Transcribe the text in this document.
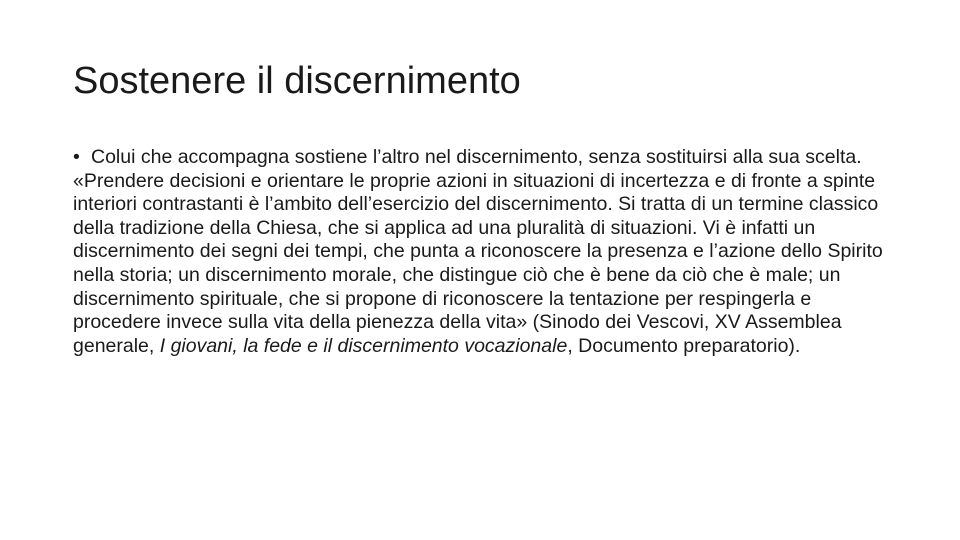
Sostenere il discernimento
• Colui che accompagna sostiene l’altro nel discernimento, senza sostituirsi alla sua scelta.

«Prendere decisioni e orientare le proprie azioni in situazioni di incertezza e di fronte a spinte interiori contrastanti è l’ambito dell’esercizio del discernimento. Si tratta di un termine classico della tradizione della Chiesa, che si applica ad una pluralità di situazioni. Vi è infatti un discernimento dei segni dei tempi, che punta a riconoscere la presenza e l’azione dello Spirito nella storia; un discernimento morale, che distingue ciò che è bene da ciò che è male; un discernimento spirituale, che si propone di riconoscere la tentazione per respingerla e procedere invece sulla vita della pienezza della vita» (Sinodo dei Vescovi, XV Assemblea generale, I giovani, la fede e il discernimento vocazionale, Documento preparatorio).
